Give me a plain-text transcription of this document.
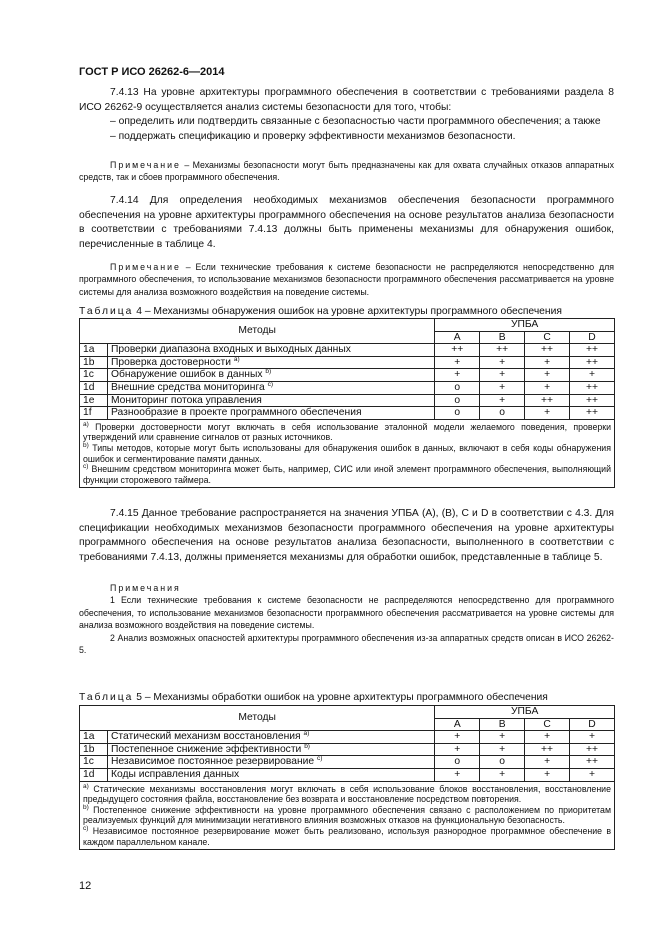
ГОСТ Р ИСО 26262-6—2014

7.4.13 На уровне архитектуры программного обеспечения в соответствии с требованиями раздела 8 ИСО 26262-9 осуществляется анализ системы безопасности для того, чтобы:

– определить или подтвердить связанные с безопасностью части программного обеспечения; а также

– поддержать спецификацию и проверку эффективности механизмов безопасности.

Примечание – Механизмы безопасности могут быть предназначены как для охвата случайных отказов аппаратных средств, так и сбоев программного обеспечения.

7.4.14 Для определения необходимых механизмов обеспечения безопасности программного обеспечения на уровне архитектуры программного обеспечения на основе результатов анализа безопасности в соответствии с требованиями 7.4.13 должны быть применены механизмы для обнаружения ошибок, перечисленные в таблице 4.

Примечание – Если технические требования к системе безопасности не распределяются непосредственно для программного обеспечения, то использование механизмов безопасности программного обеспечения рассматривается на уровне системы для анализа возможного воздействия на поведение системы.

Таблица 4 – Механизмы обнаружения ошибок на уровне архитектуры программного обеспечения
Методы		УПБА			
		A	B	C	D
1a	Проверки диапазона входных и выходных данных	++	++	++	++
1b	Проверка достоверности $^{a)}$	+	+	+	++
1c	Обнаружение ошибок в данных $^{b)}$	+	+	+	+
1d	Внешние средства мониторинга $^{c)}$	o	+	+	++
1e	Мониторинг потока управления	o	+	++	++
1f	Разнообразие в проекте программного обеспечения	o	o	+	++

$^{a)}$ Проверки достоверности могут включать в себя использование эталонной модели желаемого поведения, проверки утверждений или сравнение сигналов от разных источников.

$^{b)}$ Типы методов, которые могут быть использованы для обнаружения ошибок в данных, включают в себя коды обнаружения ошибок и сегментирование памяти данных.

$^{c)}$ Внешним средством мониторинга может быть, например, СИС или иной элемент программного обеспечения, выполняющий функции сторожевого таймера.					

7.4.15 Данное требование распространяется на значения УПБА (A), (B), C и D в соответствии с 4.3. Для спецификации необходимых механизмов безопасности программного обеспечения на уровне архитектуры программного обеспечения на основе результатов анализа безопасности, выполненного в соответствии с требованиями 7.4.13, должны применяется механизмы для обработки ошибок, представленные в таблице 5.

Примечания

1 Если технические требования к системе безопасности не распределяются непосредственно для программного обеспечения, то использование механизмов безопасности программного обеспечения рассматривается на уровне системы для анализа возможного воздействия на поведение системы.

2 Анализ возможных опасностей архитектуры программного обеспечения из-за аппаратных средств описан в ИСО 26262-5.

Таблица 5 – Механизмы обработки ошибок на уровне архитектуры программного обеспечения
Методы		УПБА			
		A	B	C	D
1a	Статический механизм восстановления $^{a)}$	+	+	+	+
1b	Постепенное снижение эффективности $^{b)}$	+	+	++	++
1c	Независимое постоянное резервирование $^{c)}$	o	o	+	++
1d	Коды исправления данных	+	+	+	+

$^{a)}$ Статические механизмы восстановления могут включать в себя использование блоков восстановления, восстановление предыдущего состояния файла, восстановление без возврата и восстановление посредством повторения.

$^{b)}$ Постепенное снижение эффективности на уровне программного обеспечения связано с расположением по приоритетам реализуемых функций для минимизации негативного влияния возможных отказов на функциональную безопасность.

$^{c)}$ Независимое постоянное резервирование может быть реализовано, используя разнородное программное обеспечение в каждом параллельном канале.					

12
